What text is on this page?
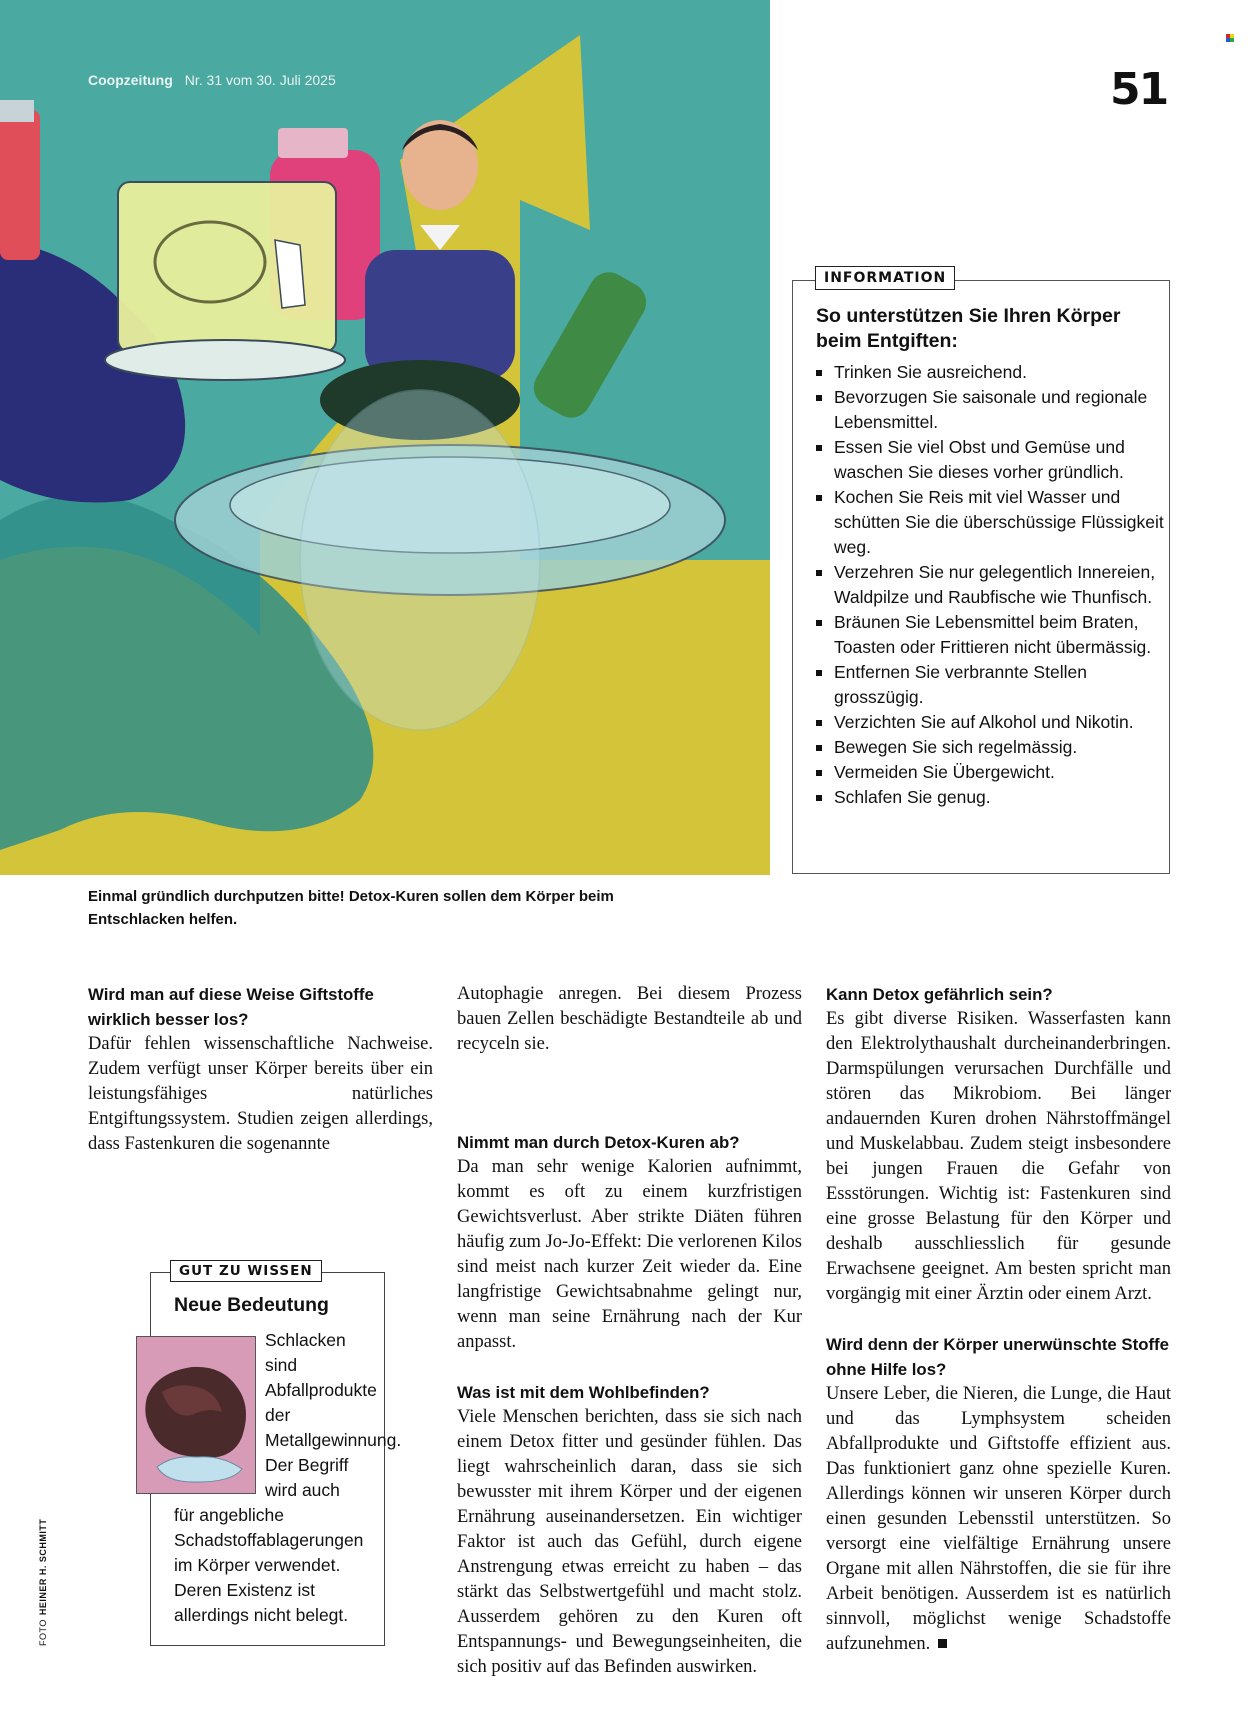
Coopzeitung Nr. 31 vom 30. Juli 2025	51
INFORMATION
So unterstützen Sie Ihren Körper beim Entgiften:
Trinken Sie ausreichend.
Bevorzugen Sie saisonale und regionale Lebensmittel.
Essen Sie viel Obst und Gemüse und waschen Sie dieses vorher gründlich.
Kochen Sie Reis mit viel Wasser und schütten Sie die überschüssige Flüssigkeit weg.
Verzehren Sie nur gelegentlich Innereien, Waldpilze und Raubfische wie Thunfisch.
Bräunen Sie Lebensmittel beim Braten, Toasten oder Frittieren nicht übermässig.
Entfernen Sie verbrannte Stellen grosszügig.
Verzichten Sie auf Alkohol und Nikotin.
Bewegen Sie sich regelmässig.
Vermeiden Sie Übergewicht.
Schlafen Sie genug.
Einmal gründlich durchputzen bitte! Detox-Kuren sollen dem Körper beim Entschlacken helfen.
Wird man auf diese Weise Giftstoffe wirklich besser los?

Dafür fehlen wissenschaftliche Nachweise. Zudem verfügt unser Körper bereits über ein leistungsfähiges natürliches Entgiftungssystem. Studien zeigen allerdings, dass Fastenkuren die sogenannte	Nimmt man durch Detox-Kuren ab?

Da man sehr wenige Kalorien aufnimmt, kommt es oft zu einem kurzfristigen Gewichtsverlust. Aber strikte Diäten führen häufig zum Jo-Jo-Effekt: Die verlorenen Kilos sind meist nach kurzer Zeit wieder da. Eine langfristige Gewichtsabnahme gelingt nur, wenn man seine Ernährung nach der Kur anpasst.

Was ist mit dem Wohlbefinden?

Viele Menschen berichten, dass sie sich nach einem Detox fitter und gesünder fühlen. Das liegt wahrscheinlich daran, dass sie sich bewusster mit ihrem Körper und der eigenen Ernährung auseinandersetzen. Ein wichtiger Faktor ist auch das Gefühl, durch eigene Anstrengung etwas erreicht zu haben – das stärkt das Selbstwertgefühl und macht stolz. Ausserdem gehören zu den Kuren oft Entspannungs- und Bewegungseinheiten, die sich positiv auf das Befinden auswirken.

Kann Detox gefährlich sein?

Es gibt diverse Risiken. Wasserfasten kann den Elektrolythaushalt durcheinanderbringen. Darmspülungen verursachen Durchfälle und stören das Mikrobiom. Bei länger andauernden Kuren drohen Nährstoffmängel und Muskelabbau. Zudem steigt insbesondere bei jungen Frauen die Gefahr von Essstörungen. Wichtig ist: Fastenkuren sind eine grosse Belastung für den Körper und deshalb ausschliesslich für gesunde Erwachsene geeignet. Am besten spricht man vorgängig mit einer Ärztin oder einem Arzt.

Wird denn der Körper unerwünschte Stoffe ohne Hilfe los?

Unsere Leber, die Nieren, die Lunge, die Haut und das Lymphsystem scheiden Abfallprodukte und Giftstoffe effizient aus. Das funktioniert ganz ohne spezielle Kuren. Allerdings können wir unseren Körper durch einen gesunden Lebensstil unterstützen. So versorgt eine vielfältige Ernährung unsere Organe mit allen Nährstoffen, die sie für ihre Arbeit benötigen. Ausserdem ist es natürlich sinnvoll, möglichst wenige Schadstoffe aufzunehmen.

GUT ZU WISSEN
Neue Bedeutung
Schlacken sind Abfallprodukte der Metallgewinnung. Der Begriff wird auch
für angebliche Schadstoffablagerungen im Körper verwendet. Deren Existenz ist allerdings nicht belegt.
FOTOHEINER H. SCHMITT

Autophagie anregen. Bei diesem Prozess bauen Zellen beschädigte Bestandteile ab und recyceln sie.
